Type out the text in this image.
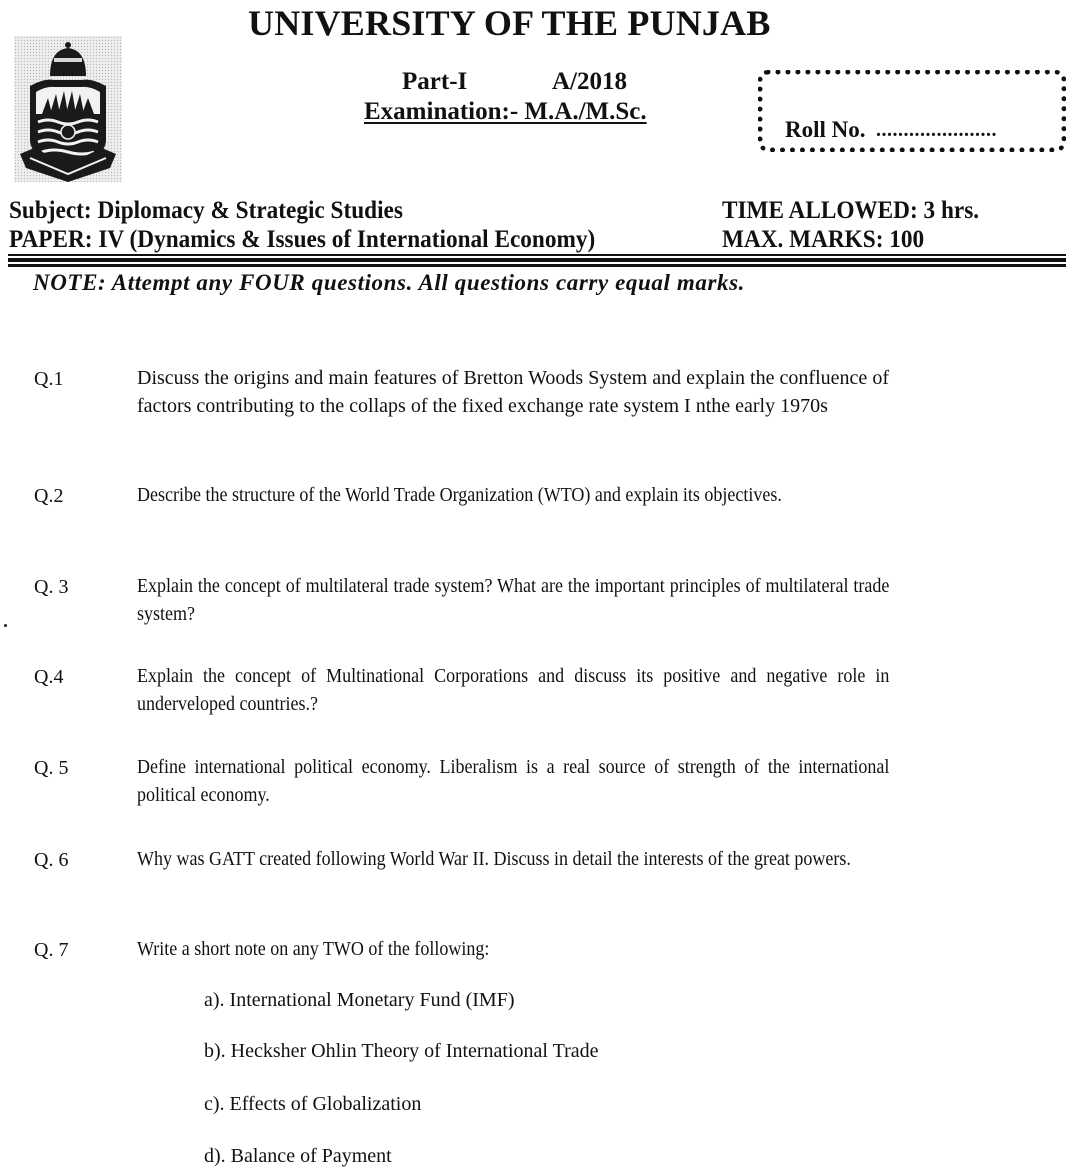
UNIVERSITY OF THE PUNJAB
Part-I	A/2018
Examination:- M.A./M.Sc.
Roll No. ......................
Subject: Diplomacy & Strategic Studies
PAPER: IV (Dynamics & Issues of International Economy)
TIME ALLOWED: 3 hrs.
MAX. MARKS: 100
NOTE: Attempt any FOUR questions. All questions carry equal marks.
Q.1	Discuss the origins and main features of Bretton Woods System and explain the confluence of factors contributing to the collaps of the fixed exchange rate system I nthe early 1970s
Q.2	Describe the structure of the World Trade Organization (WTO) and explain its objectives.
Q. 3	Explain the concept of multilateral trade system? What are the important principles of multilateral trade system?
Q.4	Explain the concept of Multinational Corporations and discuss its positive and negative role in underveloped countries.?
Q. 5	Define international political economy. Liberalism is a real source of strength of the international political economy.
Q. 6	Why was GATT created following World War II. Discuss in detail the interests of the great powers.
Q. 7	Write a short note on any TWO of the following:
a). International Monetary Fund (IMF)
b). Hecksher Ohlin Theory of International Trade
c). Effects of Globalization
d). Balance of Payment
